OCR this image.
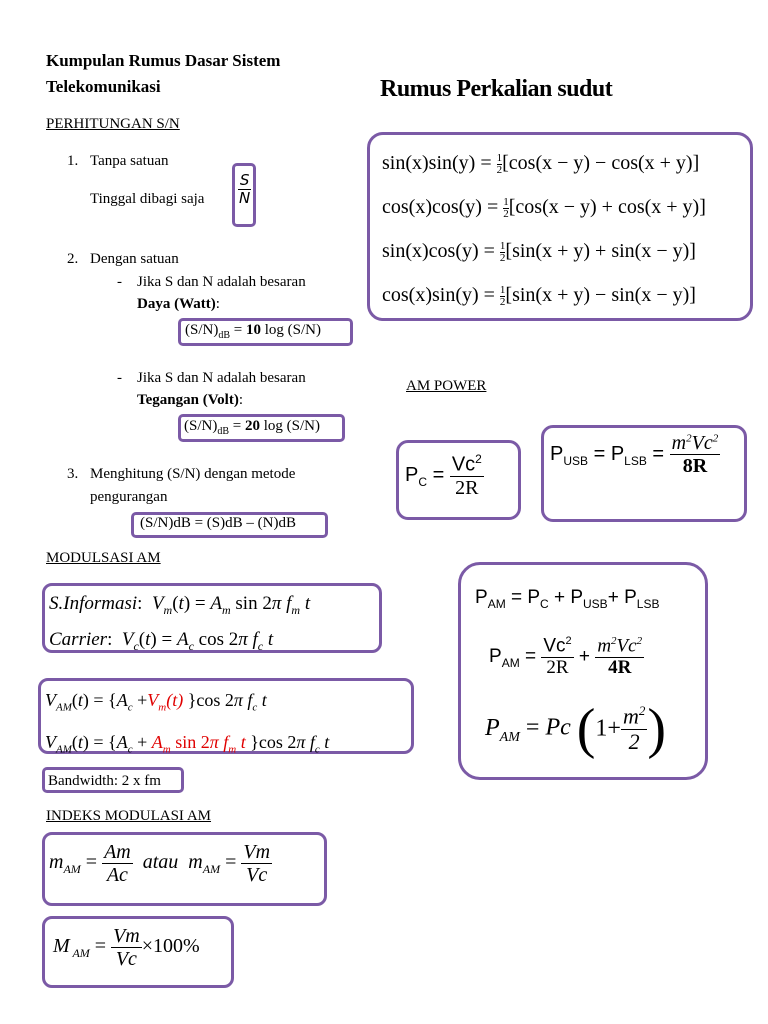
Kumpulan Rumus Dasar Sistem
Telekomunikasi
PERHITUNGAN S/N
1. Tanpa satuan
Tinggal dibagi saja $\frac{S}{N}$
2. Dengan satuan
- Jika S dan N adalah besaran
Daya (Watt):
$(S/N)_{dB} = 10$ log (S/N)
- Jika S dan N adalah besaran
Tegangan (Volt):
$(S/N)_{dB} = 20$ log (S/N)
3. Menghitung (S/N) dengan metode
pengurangan
(S/N)dB = (S)dB – (N)dB
MODULSASI AM
S.Informasi:  $V_m(t) = A_m$ sin 2π $f_m$ t
Carrier:  $V_c(t) = A_c$ cos 2π $f_c$ t
$V_{AM}(t) = \{A_c +V_m(t)$ }cos 2π $f_c$ t
$V_{AM}(t) = \{A_c + A_m$ sin 2π $f_m$ t }cos 2π $f_c$ t
Bandwidth: 2 x fm
INDEKS MODULASI AM
$m_{AM} = \frac{Am}{Ac}$ atau $m_{AM} = \frac{Vm}{Vc}$
M $_{AM} = \frac{Vm}{Vc} \times 100\%$
Rumus Perkalian sudut
$\sin(x)\sin(y) = \frac{1}{2} [\cos(x - y) - \cos(x + y)]$
$\cos(x)\cos(y) = \frac{1}{2} [\cos(x - y) + \cos(x + y)]$
$\sin(x)\cos(y) = \frac{1}{2} [\sin(x + y) + \sin(x - y)]$
$\cos(x)\sin(y) = \frac{1}{2} [\sin(x + y) - \sin(x - y)]$
AM POWER
$P_C = \frac{Vc^2}{2R}$	$P_{USB} = P_{LSB} = \frac{m^2Vc^2}{8R}$
$P_{AM} = P_C + P_{USB}+ P_{LSB}$
$P_{AM} = \frac{Vc^2}{2R} + \frac{m^2Vc^2}{4R}$
$P_{AM} = Pc$ ($1+ \frac{m^2}{2}$ )
